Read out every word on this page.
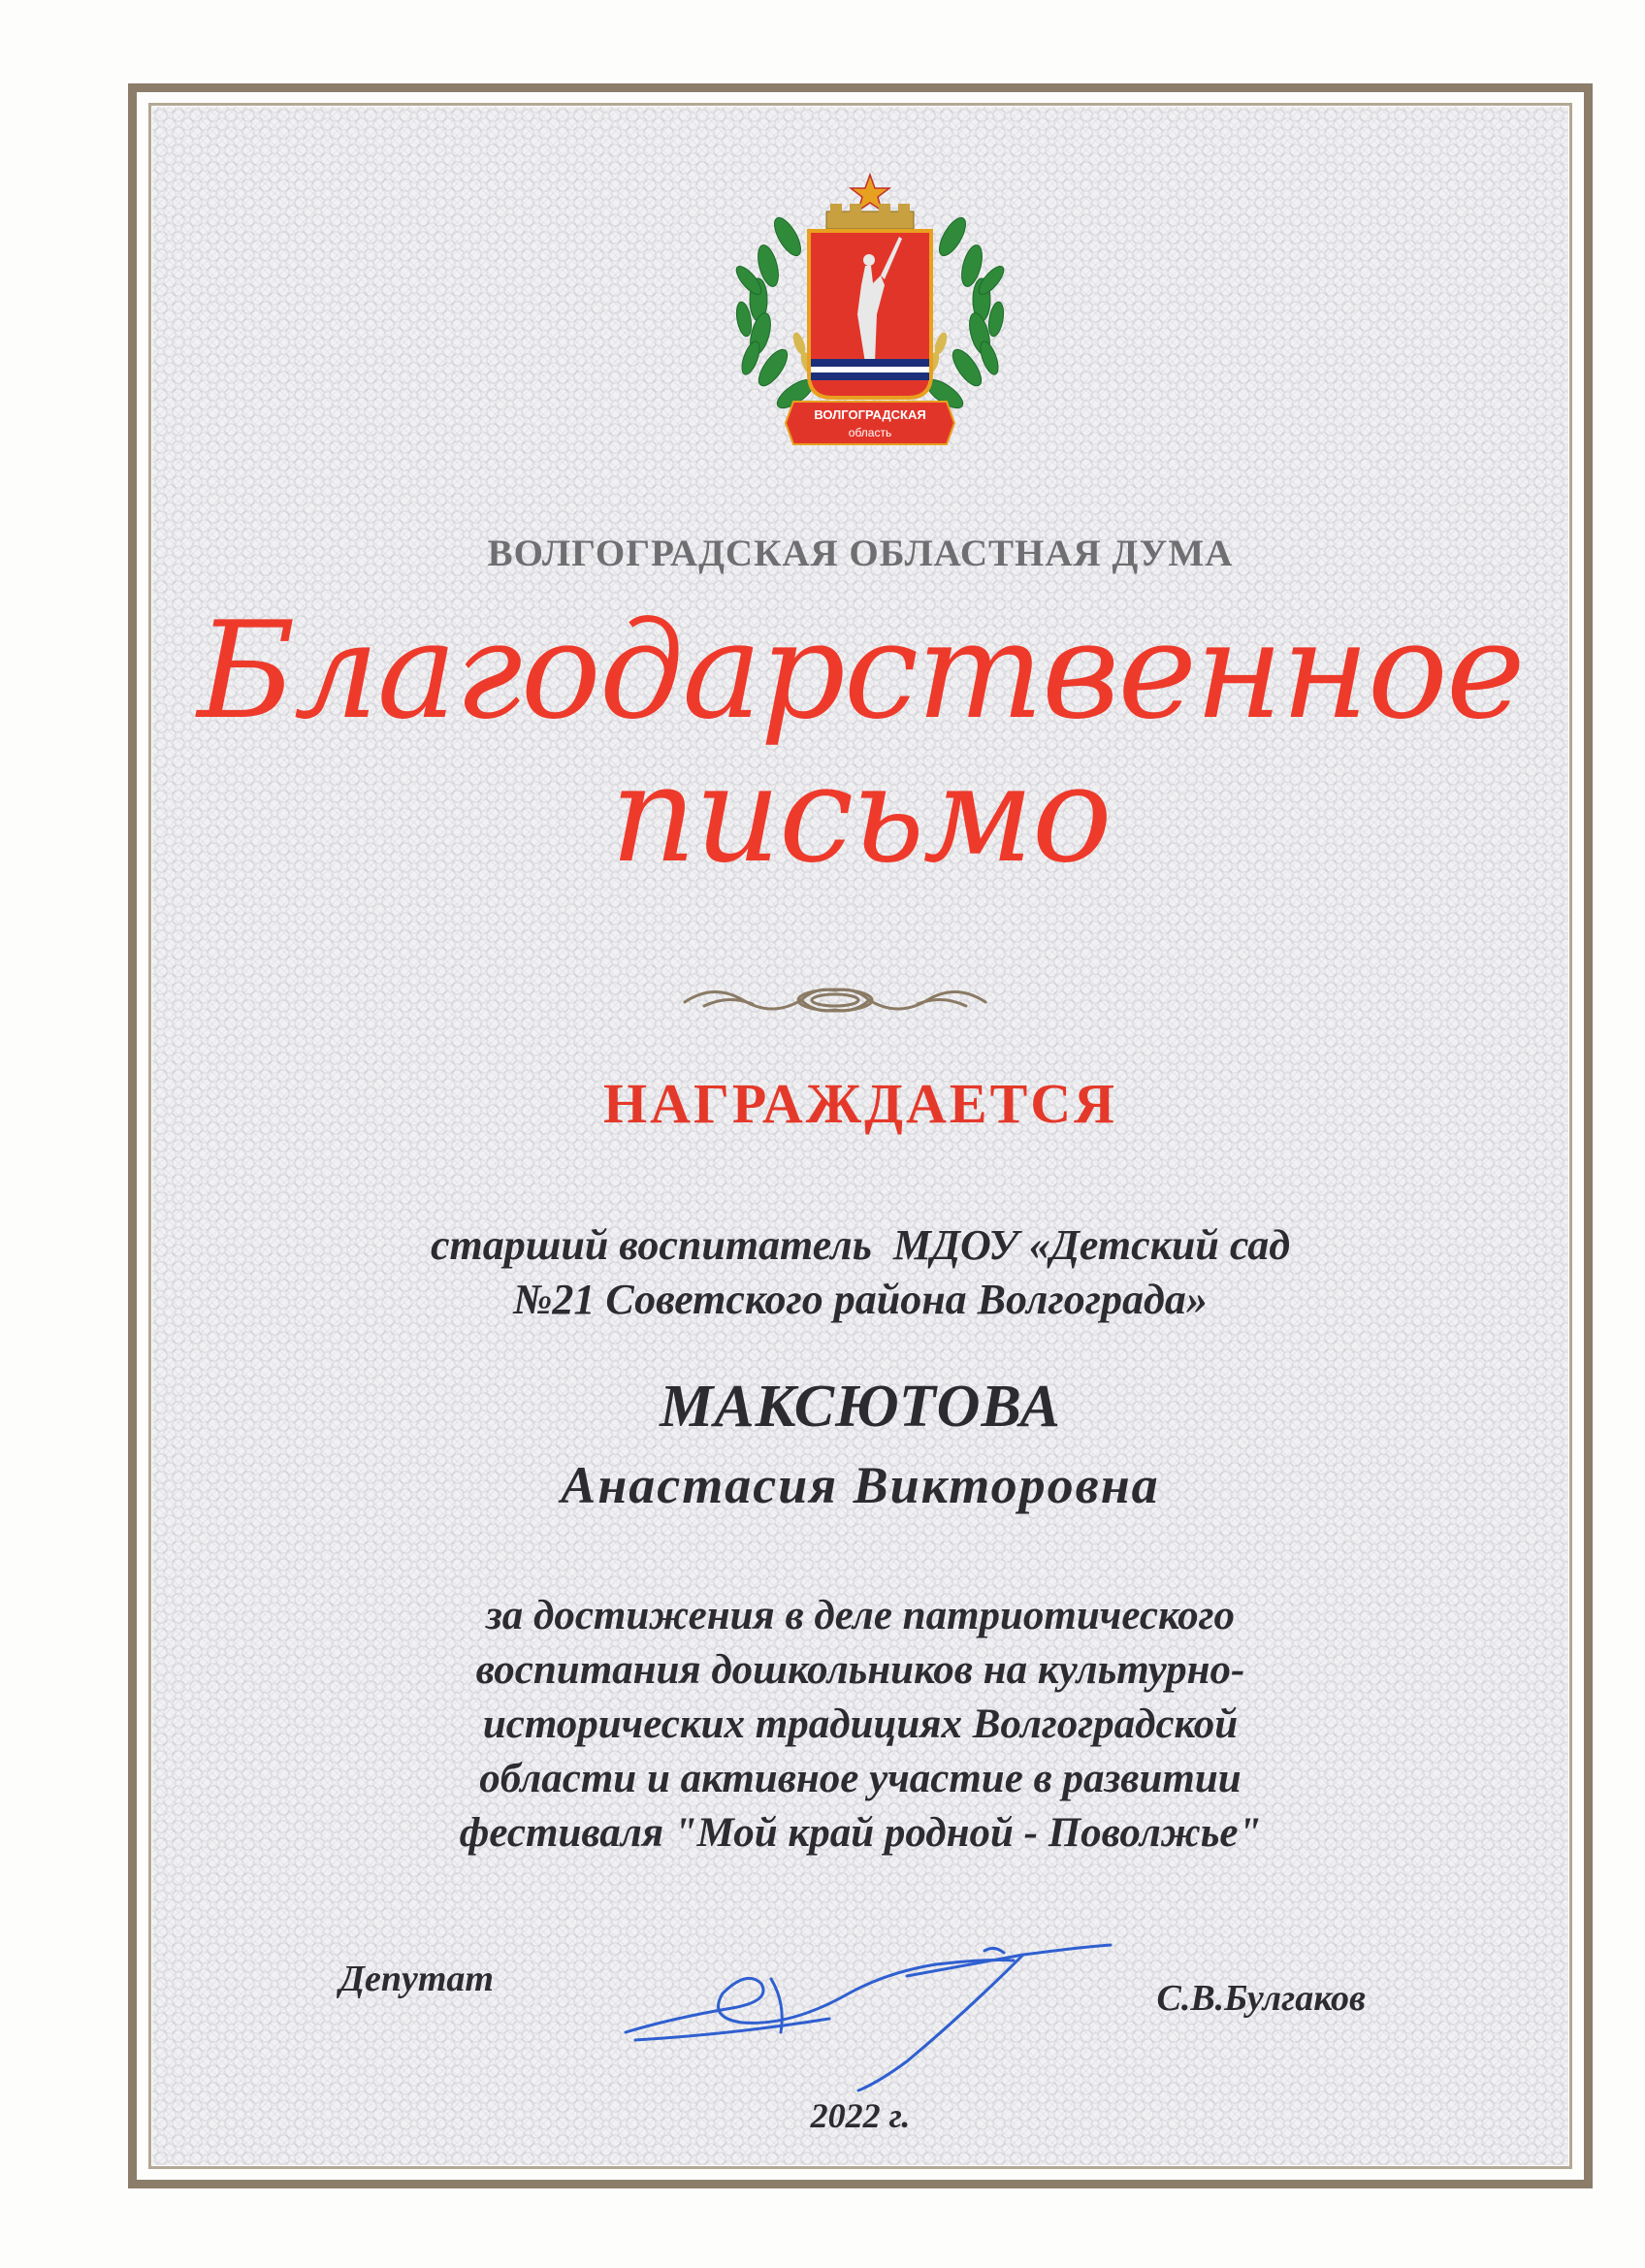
ВОЛГОГРАДСКАЯ
область
ВОЛГОГРАДСКАЯ ОБЛАСТНАЯ ДУМА
Благодарственное
письмо
НАГРАЖДАЕТСЯ
старший воспитатель  МДОУ «Детский сад
№21 Советского района Волгограда»
МАКСЮТОВА
Анастасия Викторовна
за достижения в деле патриотического
воспитания дошкольников на культурно-
исторических традициях Волгоградской
области и активное участие в развитии
фестиваля "Мой край родной - Поволжье"
Депутат	С.В.Булгаков
2022 г.
